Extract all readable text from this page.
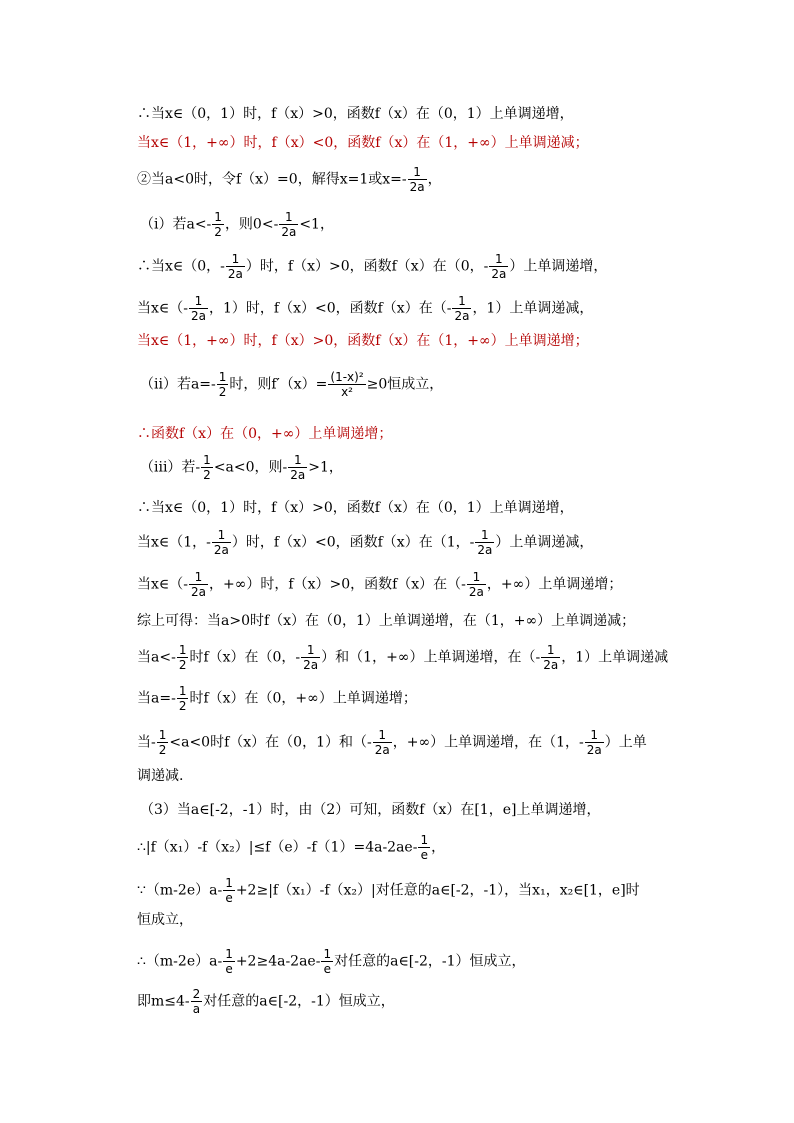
∴当x∈（0，1）时，f（x）>0，函数f（x）在（0，1）上单调递增，
当x∈（1，+∞）时，f（x）<0，函数f（x）在（1，+∞）上单调递减；
②当a<0时，令f（x）=0，解得x=1或$x=- \frac{1}{2a}$ ，
（i）若$a<- \frac{1}{2}$ ，则$0<- \frac{1}{2a} <1$，
∴当x∈（0，- $\frac{1}{2a}$ ）时，f（x）>0，函数f（x）在（0，- $\frac{1}{2a}$ ）上单调递增，
当x∈（- $\frac{1}{2a}$ ，1）时，f（x）<0，函数f（x）在（- $\frac{1}{2a}$ ，1）上单调递减，
当x∈（1，+∞）时，f（x）>0，函数f（x）在（1，+∞）上单调递增；
（ii）若$a=- \frac{1}{2}$ 时，则$f'(x)= \frac{\text{(1-x)²}}{\text{x²}} \ge 0$恒成立，
∴函数f（x）在（0，+∞）上单调递增；
（iii）若- $\frac{1}{2} <a<0$，则- $\frac{1}{2a} >1$，
∴当x∈（0，1）时，f（x）>0，函数f（x）在（0，1）上单调递增，
当x∈（1，- $\frac{1}{2a}$ ）时，f（x）<0，函数f（x）在（1，- $\frac{1}{2a}$ ）上单调递减，
当x∈（- $\frac{1}{2a}$ ，+∞）时，f（x）>0，函数f（x）在（- $\frac{1}{2a}$ ，+∞）上单调递增；
综上可得：当a>0时f（x）在（0，1）上单调递增，在（1，+∞）上单调递减；
当$a<- \frac{1}{2}$ 时f（x）在（0，- $\frac{1}{2a}$ ）和（1，+∞）上单调递增，在（- $\frac{1}{2a}$ ，1）上单调递减
当$a=- \frac{1}{2}$ 时f（x）在（0，+∞）上单调递增；
当- $\frac{1}{2} <a<0$时f（x）在（0，1）和（- $\frac{1}{2a}$ ，+∞）上单调递增，在（1，- $\frac{1}{2a}$ ）上单
调递减.
（3）当a∈[-2，-1）时，由（2）可知，函数f（x）在[1，e]上单调递增，
∴|f（x₁）-f（x₂）|≤f（e）-f（1）=4a-2ae- $\frac{1}{e}$ ，
∵（m-2e）a- $\frac{1}{e} +2\ge|f(x_1)-f(x_2)|$对任意的a∈[-2，-1），当x₁，x₂∈[1，e]时
恒成立，
∴（m-2e）a- $\frac{1}{e} +2\ge 4a-2ae- \frac{1}{e}$ 对任意的a∈[-2，-1）恒成立，
即$m\le 4- \frac{2}{a}$ 对任意的a∈[-2，-1）恒成立，
